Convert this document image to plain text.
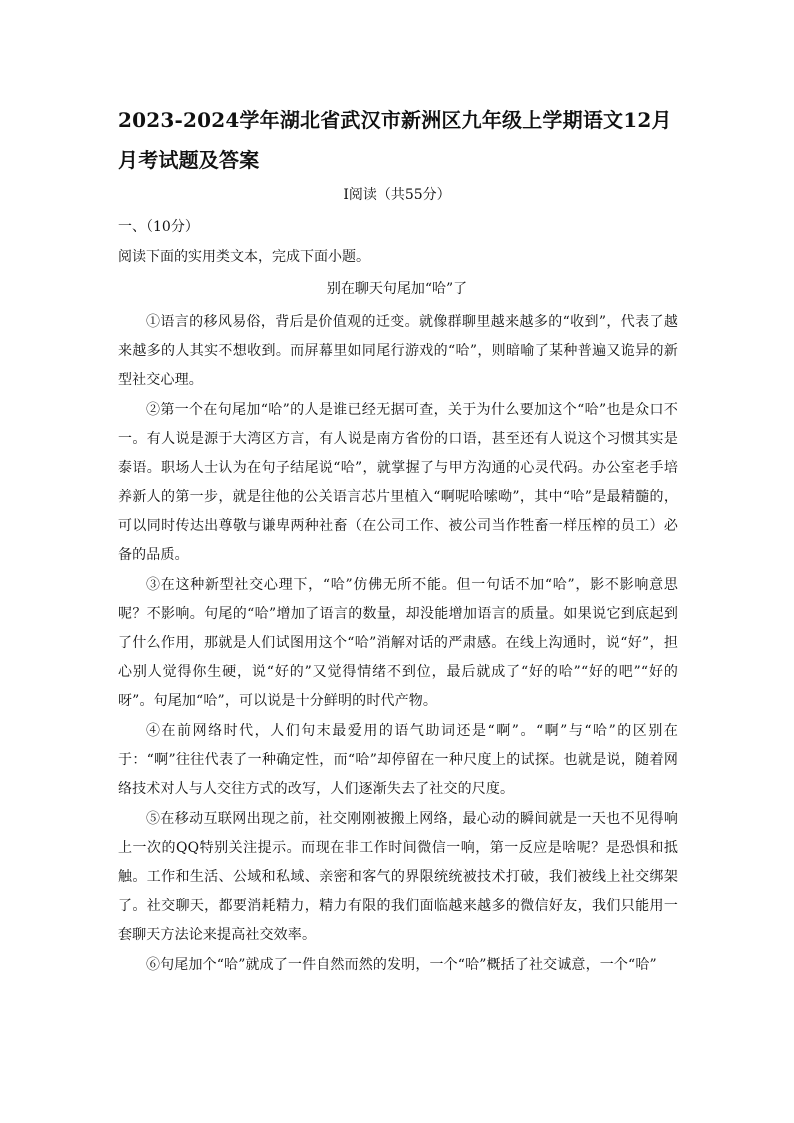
2023-2024学年湖北省武汉市新洲区九年级上学期语文12月月考试题及答案
Ⅰ阅读（共55分）
一、（10分）
阅读下面的实用类文本，完成下面小题。
别在聊天句尾加“哈”了

①语言的移风易俗，背后是价值观的迁变。就像群聊里越来越多的“收到”，代表了越来越多的人其实不想收到。而屏幕里如同尾行游戏的“哈”，则暗喻了某种普遍又诡异的新型社交心理。

②第一个在句尾加“哈”的人是谁已经无据可查，关于为什么要加这个“哈”也是众口不一。有人说是源于大湾区方言，有人说是南方省份的口语，甚至还有人说这个习惯其实是泰语。职场人士认为在句子结尾说“哈”，就掌握了与甲方沟通的心灵代码。办公室老手培养新人的第一步，就是往他的公关语言芯片里植入“啊呢哈嗦呦”，其中“哈”是最精髓的，可以同时传达出尊敬与谦卑两种社畜（在公司工作、被公司当作牲畜一样压榨的员工）必备的品质。

③在这种新型社交心理下，“哈”仿佛无所不能。但一句话不加“哈”，影不影响意思呢？不影响。句尾的“哈”增加了语言的数量，却没能增加语言的质量。如果说它到底起到了什么作用，那就是人们试图用这个“哈”消解对话的严肃感。在线上沟通时，说“好”，担心别人觉得你生硬，说“好的”又觉得情绪不到位，最后就成了“好的哈”“好的吧”“好的呀”。句尾加“哈”，可以说是十分鲜明的时代产物。

④在前网络时代，人们句末最爱用的语气助词还是“啊”。“啊”与“哈”的区别在于：“啊”往往代表了一种确定性，而“哈”却停留在一种尺度上的试探。也就是说，随着网络技术对人与人交往方式的改写，人们逐渐失去了社交的尺度。

⑤在移动互联网出现之前，社交刚刚被搬上网络，最心动的瞬间就是一天也不见得响上一次的QQ特别关注提示。而现在非工作时间微信一响，第一反应是啥呢？是恐惧和抵触。工作和生活、公域和私域、亲密和客气的界限统统被技术打破，我们被线上社交绑架了。社交聊天，都要消耗精力，精力有限的我们面临越来越多的微信好友，我们只能用一套聊天方法论来提高社交效率。

⑥句尾加个“哈”就成了一件自然而然的发明，一个“哈”概括了社交诚意，一个“哈”
